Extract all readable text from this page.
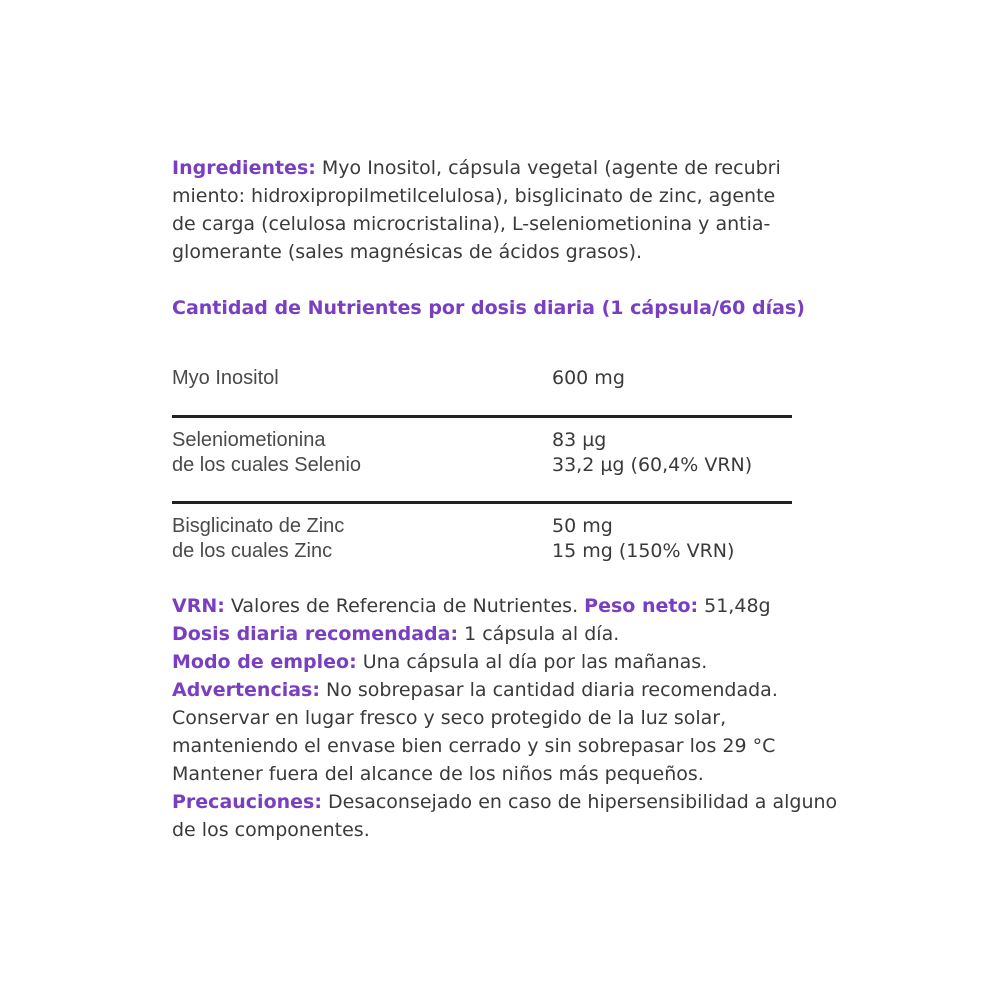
Ingredientes: Myo Inositol, cápsula vegetal (agente de recubri
miento: hidroxipropilmetilcelulosa), bisglicinato de zinc, agente
de carga (celulosa microcristalina), L-seleniometionina y antia-
glomerante (sales magnésicas de ácidos grasos).
Cantidad de Nutrientes por dosis diaria (1 cápsula/60 días)
Myo Inositol	600 mg
Seleniometionina
de los cuales Selenio
83 µg
33,2 µg (60,4% VRN)
Bisglicinato de Zinc
de los cuales Zinc
50 mg
15 mg (150% VRN)
VRN: Valores de Referencia de Nutrientes. Peso neto: 51,48g
Dosis diaria recomendada: 1 cápsula al día.
Modo de empleo: Una cápsula al día por las mañanas.
Advertencias: No sobrepasar la cantidad diaria recomendada.
Conservar en lugar fresco y seco protegido de la luz solar,
manteniendo el envase bien cerrado y sin sobrepasar los 29 °C
Mantener fuera del alcance de los niños más pequeños.
Precauciones: Desaconsejado en caso de hipersensibilidad a alguno
de los componentes.
